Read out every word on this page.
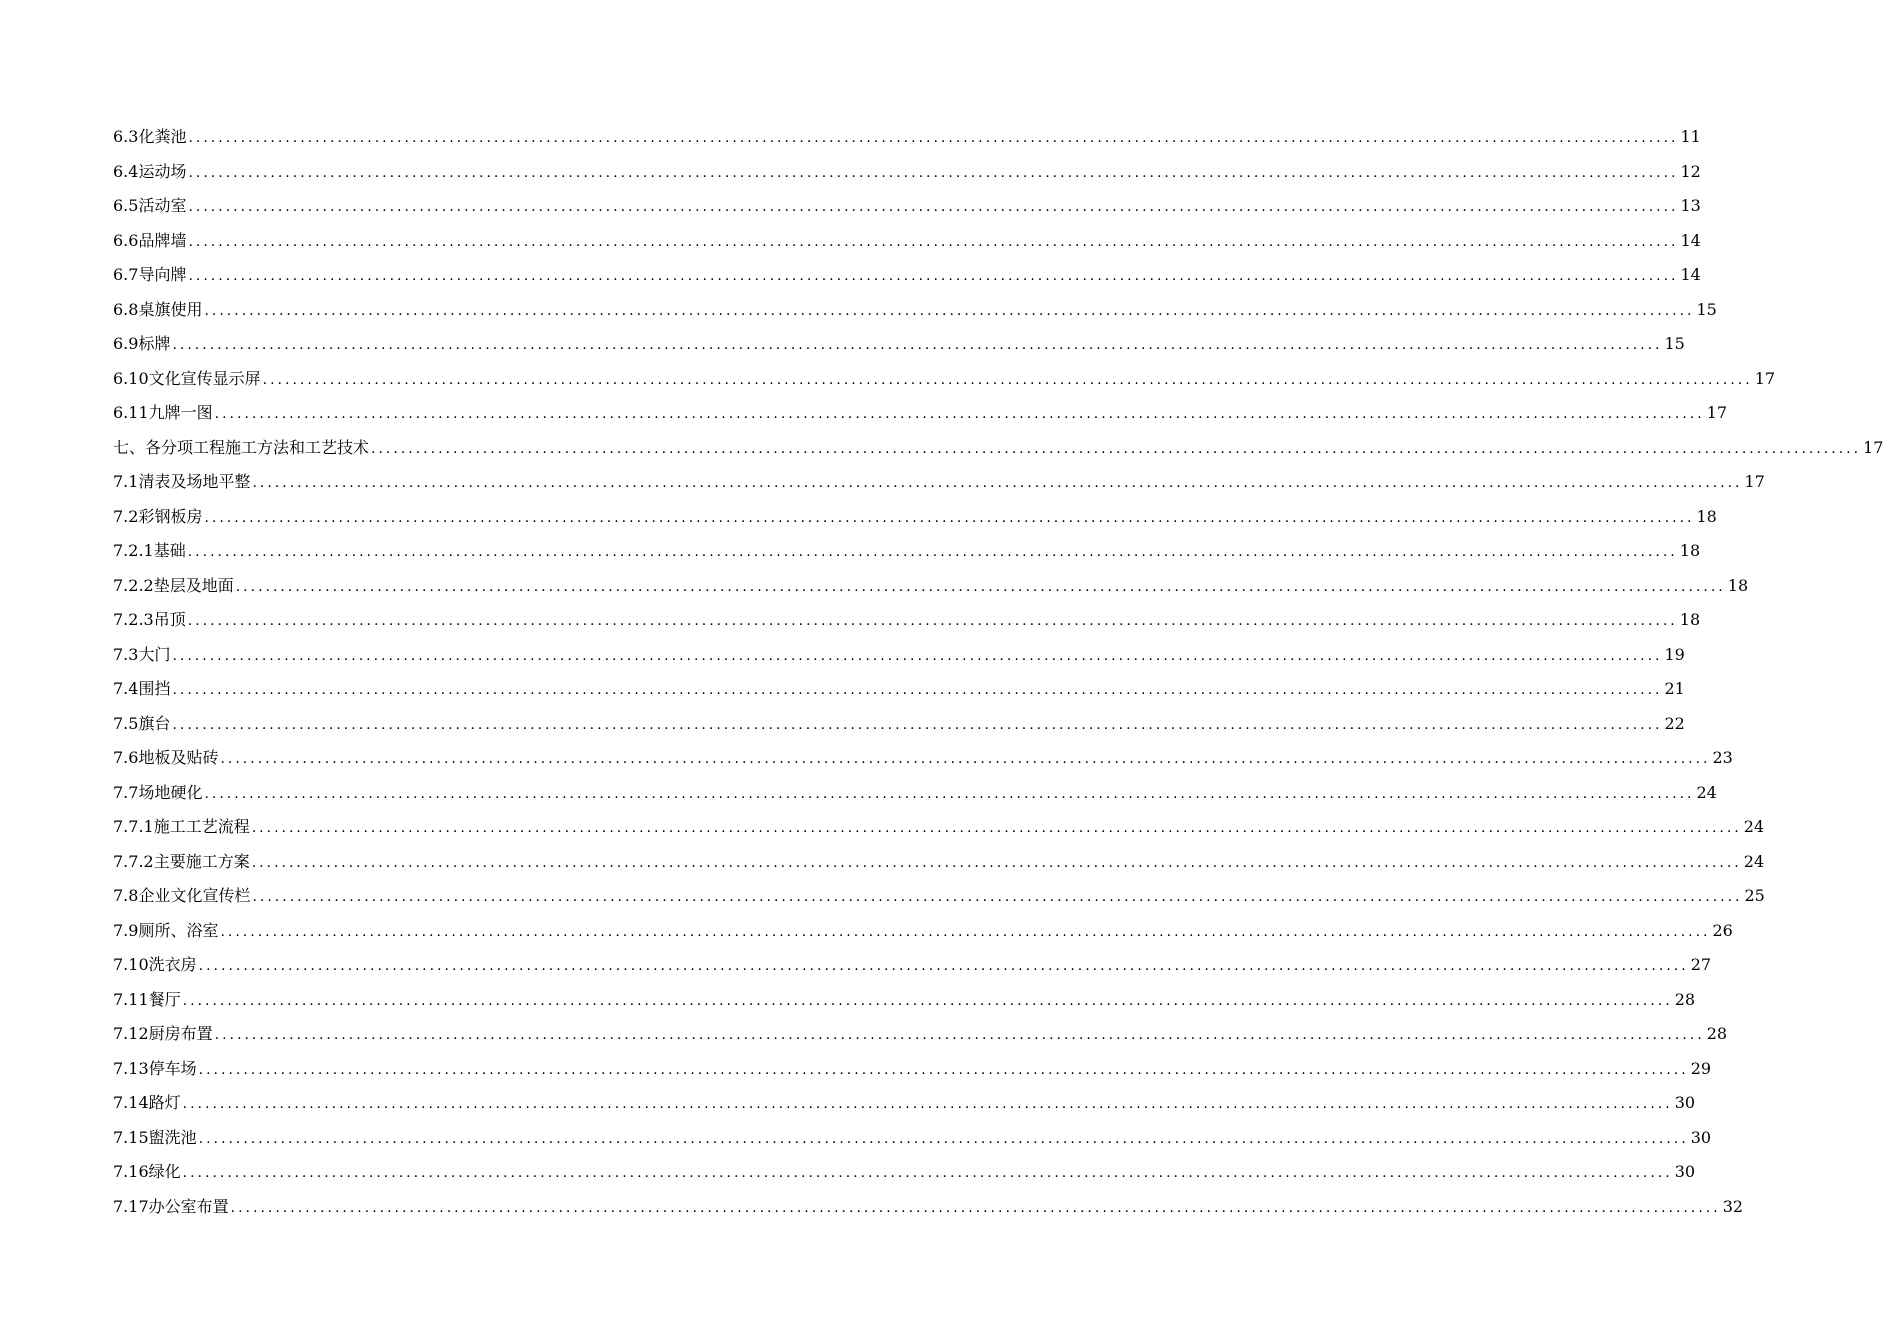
6.3化粪池 ........................................................................................................................................................................................................ 11
6.4运动场 ........................................................................................................................................................................................................ 12
6.5活动室 ........................................................................................................................................................................................................ 13
6.6品牌墙 ........................................................................................................................................................................................................ 14
6.7导向牌 ........................................................................................................................................................................................................ 14
6.8桌旗使用 ........................................................................................................................................................................................................ 15
6.9标牌 ........................................................................................................................................................................................................ 15
6.10文化宣传显示屏 ........................................................................................................................................................................................................ 17
6.11九牌一图 ........................................................................................................................................................................................................ 17
七、各分项工程施工方法和工艺技术 ........................................................................................................................................................................................................ 17
7.1清表及场地平整 ........................................................................................................................................................................................................ 17
7.2彩钢板房 ........................................................................................................................................................................................................ 18
7.2.1基础 ........................................................................................................................................................................................................ 18
7.2.2垫层及地面 ........................................................................................................................................................................................................ 18
7.2.3吊顶 ........................................................................................................................................................................................................ 18
7.3大门 ........................................................................................................................................................................................................ 19
7.4围挡 ........................................................................................................................................................................................................ 21
7.5旗台 ........................................................................................................................................................................................................ 22
7.6地板及贴砖 ........................................................................................................................................................................................................ 23
7.7场地硬化 ........................................................................................................................................................................................................ 24
7.7.1施工工艺流程 ........................................................................................................................................................................................................ 24
7.7.2主要施工方案 ........................................................................................................................................................................................................ 24
7.8企业文化宣传栏 ........................................................................................................................................................................................................ 25
7.9厕所、浴室 ........................................................................................................................................................................................................ 26
7.10洗衣房 ........................................................................................................................................................................................................ 27
7.11餐厅 ........................................................................................................................................................................................................ 28
7.12厨房布置 ........................................................................................................................................................................................................ 28
7.13停车场 ........................................................................................................................................................................................................ 29
7.14路灯 ........................................................................................................................................................................................................ 30
7.15盥洗池 ........................................................................................................................................................................................................ 30
7.16绿化 ........................................................................................................................................................................................................ 30
7.17办公室布置 ........................................................................................................................................................................................................ 32
